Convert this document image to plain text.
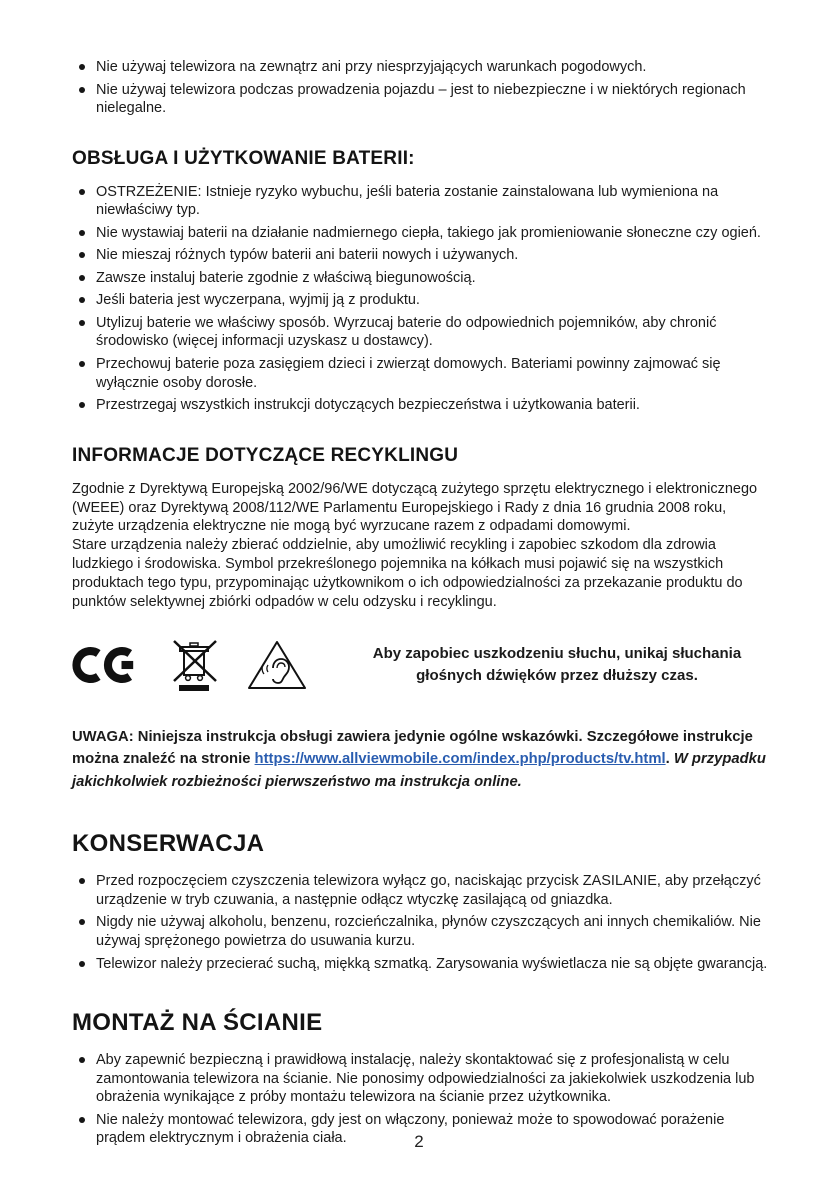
Nie używaj telewizora na zewnątrz ani przy niesprzyjających warunkach pogodowych.
Nie używaj telewizora podczas prowadzenia pojazdu – jest to niebezpieczne i w niektórych regionach nielegalne.
OBSŁUGA I UŻYTKOWANIE BATERII:
OSTRZEŻENIE: Istnieje ryzyko wybuchu, jeśli bateria zostanie zainstalowana lub wymieniona na niewłaściwy typ.
Nie wystawiaj baterii na działanie nadmiernego ciepła, takiego jak promieniowanie słoneczne czy ogień.
Nie mieszaj różnych typów baterii ani baterii nowych i używanych.
Zawsze instaluj baterie zgodnie z właściwą biegunowością.
Jeśli bateria jest wyczerpana, wyjmij ją z produktu.
Utylizuj baterie we właściwy sposób. Wyrzucaj baterie do odpowiednich pojemników, aby chronić środowisko (więcej informacji uzyskasz u dostawcy).
Przechowuj baterie poza zasięgiem dzieci i zwierząt domowych. Bateriami powinny zajmować się wyłącznie osoby dorosłe.
Przestrzegaj wszystkich instrukcji dotyczących bezpieczeństwa i użytkowania baterii.
INFORMACJE DOTYCZĄCE RECYKLINGU

Zgodnie z Dyrektywą Europejską 2002/96/WE dotyczącą zużytego sprzętu elektrycznego i elektronicznego (WEEE) oraz Dyrektywą 2008/112/WE Parlamentu Europejskiego i Rady z dnia 16 grudnia 2008 roku, zużyte urządzenia elektryczne nie mogą być wyrzucane razem z odpadami domowymi.

Stare urządzenia należy zbierać oddzielnie, aby umożliwić recykling i zapobiec szkodom dla zdrowia ludzkiego i środowiska. Symbol przekreślonego pojemnika na kółkach musi pojawić się na wszystkich produktach tego typu, przypominając użytkownikom o ich odpowiedzialności za przekazanie produktu do punktów selektywnej zbiórki odpadów w celu odzysku i recyklingu.

Aby zapobiec uszkodzeniu słuchu, unikaj słuchania głośnych dźwięków przez dłuższy czas.

UWAGA: Niniejsza instrukcja obsługi zawiera jedynie ogólne wskazówki. Szczegółowe instrukcje można znaleźć na stronie https://www.allviewmobile.com/index.php/products/tv.html. W przypadku jakichkolwiek rozbieżności pierwszeństwo ma instrukcja online.

KONSERWACJA
Przed rozpoczęciem czyszczenia telewizora wyłącz go, naciskając przycisk ZASILANIE, aby przełączyć urządzenie w tryb czuwania, a następnie odłącz wtyczkę zasilającą od gniazdka.
Nigdy nie używaj alkoholu, benzenu, rozcieńczalnika, płynów czyszczących ani innych chemikaliów. Nie używaj sprężonego powietrza do usuwania kurzu.
Telewizor należy przecierać suchą, miękką szmatką. Zarysowania wyświetlacza nie są objęte gwarancją.
MONTAŻ NA ŚCIANIE
Aby zapewnić bezpieczną i prawidłową instalację, należy skontaktować się z profesjonalistą w celu zamontowania telewizora na ścianie. Nie ponosimy odpowiedzialności za jakiekolwiek uszkodzenia lub obrażenia wynikające z próby montażu telewizora na ścianie przez użytkownika.
Nie należy montować telewizora, gdy jest on włączony, ponieważ może to spowodować porażenie prądem elektrycznym i obrażenia ciała.	2
